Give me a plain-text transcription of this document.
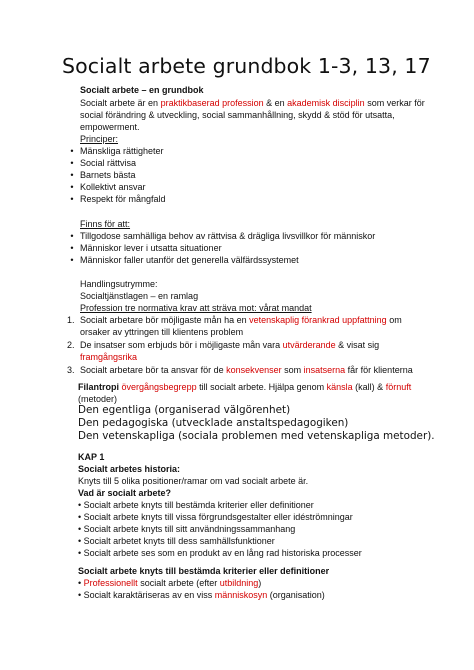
Socialt arbete grundbok 1-3, 13, 17
Socialt arbete – en grundbok
Socialt arbete är en praktikbaserad profession & en akademisk disciplin som verkar för
social förändring & utveckling, social sammanhållning, skydd & stöd för utsatta,
empowerment.
Principer:
• Mänskliga rättigheter
• Social rättvisa
• Barnets bästa
• Kollektivt ansvar
• Respekt för mångfald
Finns för att:
• Tillgodose samhälliga behov av rättvisa & drägliga livsvillkor för människor
• Människor lever i utsatta situationer
• Människor faller utanför det generella välfärdssystemet
Handlingsutrymme:
Socialtjänstlagen – en ramlag
Profession tre normativa krav att sträva mot: vårat mandat
1. Socialt arbetare bör möjligaste mån ha en vetenskaplig förankrad uppfattning om
orsaker av yttringen till klientens problem
2. De insatser som erbjuds bör i möjligaste mån vara utvärderande & visat sig
framgångsrika
3. Socialt arbetare bör ta ansvar för de konsekvenser som insatserna får för klienterna
Filantropi övergångsbegrepp till socialt arbete. Hjälpa genom känsla (kall) & förnuft
(metoder)
Den egentliga (organiserad välgörenhet)
Den pedagogiska (utvecklade anstaltspedagogiken)
Den vetenskapliga (sociala problemen med vetenskapliga metoder).
KAP 1
Socialt arbetes historia:
Knyts till 5 olika positioner/ramar om vad socialt arbete är.
Vad är socialt arbete?
• Socialt arbete knyts till bestämda kriterier eller definitioner
• Socialt arbete knyts till vissa förgrundsgestalter eller idéströmningar
• Socialt arbete knyts till sitt användningssammanhang
• Socialt arbetet knyts till dess samhällsfunktioner
• Socialt arbete ses som en produkt av en lång rad historiska processer
Socialt arbete knyts till bestämda kriterier eller definitioner
• Professionellt socialt arbete (efter utbildning)
• Socialt karaktäriseras av en viss människosyn (organisation)
